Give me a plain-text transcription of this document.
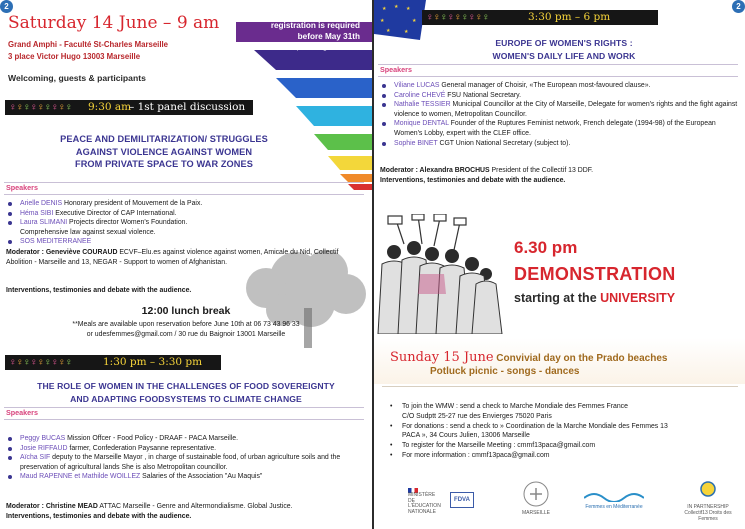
2
For saturday at the university
registration is required
before May 31th
cmmf13paca@gmail.com
Saturday 14 June – 9 am
Grand Amphi - Faculté St-Charles Marseille
3 place Victor Hugo 13003 Marseille
Welcoming, guests & participants
♀♀♀♀♀♀♀♀♀ 9:30 am
– 1st panel discussion
PEACE AND DEMILITARIZATION/ STRUGGLES
AGAINST VIOLENCE AGAINST WOMEN
FROM PRIVATE SPACE TO WAR ZONES
Speakers
Arielle DENIS Honorary president of Mouvement de la Paix.
Héma SIBI Executive Director of CAP International.
Laura SLIMANI Projects director Women's Foundation.
Comprehensive law against sexual violence.
SOS MEDITERRANEE
Moderator : Geneviève COURAUD ECVF–Elu.es against violence against women, Amicale du Nid, Collectif Abolition - Marseille and 13, NEGAR - Support to women of Afghanistan.
Interventions, testimonies and debate with the audience.
12:00 lunch break
**Meals are available upon reservation before June 10th at 06 73 43 96 33
or udesfemmes@gmail.com / 30 rue du Baignoir 13001 Marseille
♀♀♀♀♀♀♀♀♀	1:30 pm – 3:30 pm
THE ROLE OF WOMEN IN THE CHALLENGES OF FOOD SOVEREIGNTY
AND ADAPTING FOODSYSTEMS TO CLIMATE CHANGE
Speakers
Peggy BUCAS Mission Offcer - Food Policy - DRAAF - PACA Marseille.
Josie RIFFAUD farmer, Confederation Paysanne representative.
Aïcha SIF deputy to the Marseille Mayor , in charge of sustainable food, of urban agriculture soils and the preservation of agricultural lands She is also Metropolitan councillor.
Maud RAPENNE et Mathilde WOILLEZ Salaries of the Association "Au Maquis"
Moderator : Christine MEAD ATTAC Marseille - Genre and Altermondialisme. Global Justice.
Interventions, testimonies and debate with the audience.
2
★ ★ ★
★	★
★	★
♀♀♀♀♀♀♀♀♀	3:30 pm – 6 pm
EUROPE OF WOMEN'S RIGHTS :
WOMEN'S DAILY LIFE AND WORK
Speakers
Viliane LUCAS General manager of Choisir, «The European most-favoured clause».
Caroline CHEVÉ FSU National Secretary.
Nathalie TESSIER Municipal Councillor at the City of Marseille, Delegate for women's rights and the fight against violence to women, Metropolitan Councillor.
Monique DENTAL Founder of the Ruptures Feminist network, French delegate (1994-98) of the European Women's Lobby, expert with the CLEF office.
Sophie BINET CGT Union National Secretary (subject to).
Moderator : Alexandra BROCHUS President of the Collectif 13 DDF.
Interventions, testimonies and debate with the audience.
6.30 pm
DEMONSTRATION
starting at the UNIVERSITY
Sunday 15 June Convivial day on the Prado beaches
Potluck picnic - songs - dances
• To join the WMW : send a check to Marche Mondiale des Femmes France
C/O Sudptt 25-27 rue des Envierges 75020 Paris
• For donations : send a check to » Coordination de la Marche Mondiale des Femmes 13
PACA », 34 Cours Julien, 13006 Marseille
• To register for the Marseille Meeting : cmmf13paca@gmail.com
• For more information : cmmf13paca@gmail.com
MINISTÈRE
DE L'ÉDUCATION
NATIONALE
FDVA
MARSEILLE
Femmes en Méditerranée	IN PARTNERSHIP
Collectif13 Droits des Femmes
